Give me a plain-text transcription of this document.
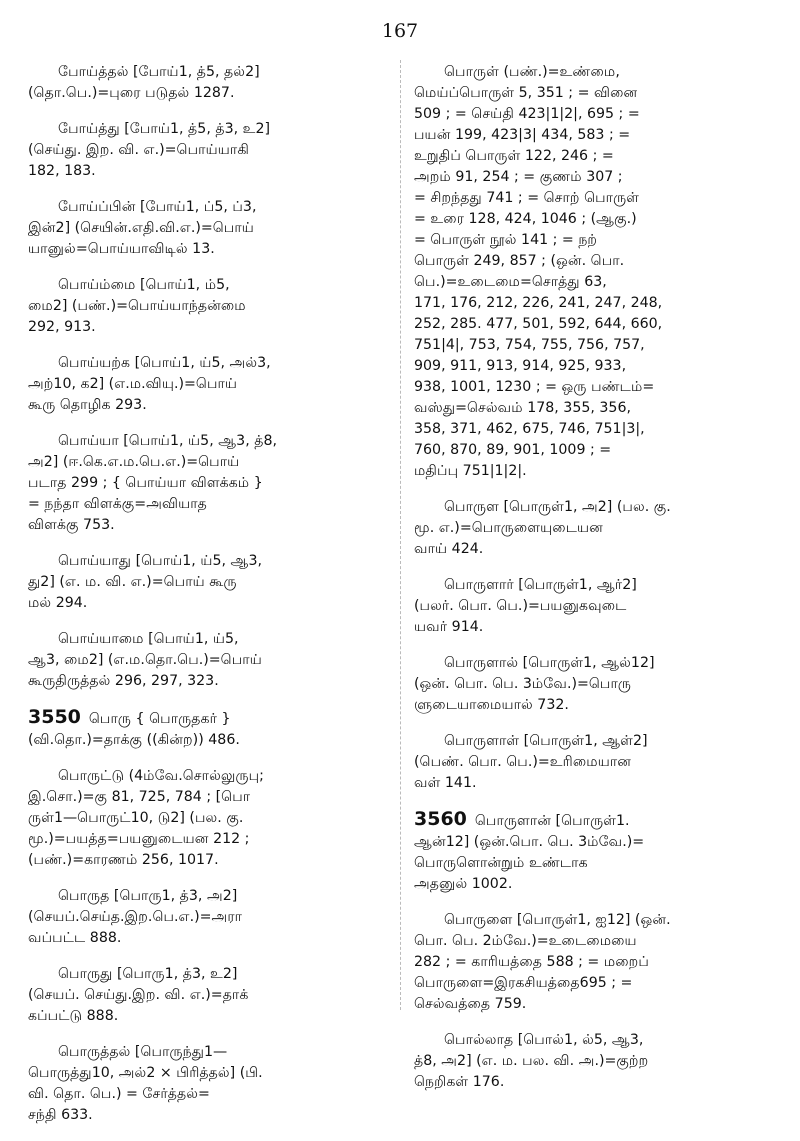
167
போய்த்தல் [போய்1, த்5, தல்2]
(தொ.பெ.)=புரை படுதல் 1287.
போய்த்து [போய்1, த்5, த்3, உ2]
(செய்து. இற. வி. எ.)=பொய்யாகி
182, 183.
போய்ப்பின் [போய்1, ப்5, ப்3,
இன்2] (செயின்.எதி.வி.எ.)=பொய்
யானுல்=பொய்யாவிடில் 13.
பொய்ம்மை [பொய்1, ம்5,
மை2] (பண்.)=பொய்யாந்தன்மை
292, 913.
பொய்யற்க [பொய்1, ய்5, அல்3,
அற்10, க2] (எ.ம.வியு.)=பொய்
கூரு தொழிக 293.
பொய்யா [பொய்1, ய்5, ஆ3, த்8,
அ2] (ஈ.கெ.எ.ம.பெ.எ.)=பொய்
படாத 299 ; { பொய்யா விளக்கம் }
= நந்தா விளக்கு=அவியாத
விளக்கு 753.
பொய்யாது [பொய்1, ய்5, ஆ3,
து2] (எ. ம. வி. எ.)=பொய் கூரு
மல் 294.
பொய்யாமை [பொய்1, ய்5,
ஆ3, மை2] (எ.ம.தொ.பெ.)=பொய்
கூருதிருத்தல் 296, 297, 323.
3550 பொரு { பொருதகர் }
(வி.தொ.)=தாக்கு ((கின்ற)) 486.
பொருட்டு (4ம்வே.சொல்லுருபு;
இ.சொ.)=கு 81, 725, 784 ; [பொ
ருள்1—பொருட்10, டு2] (பல. கு.
மூ.)=பயத்த=பயனுடையன 212 ;
(பண்.)=காரணம் 256, 1017.
பொருத [பொரு1, த்3, அ2]
(செயப்.செய்த.இற.பெ.எ.)=அரா
வப்பட்ட 888.
பொருது [பொரு1, த்3, உ2]
(செயப். செய்து.இற. வி. எ.)=தாக்
கப்பட்டு 888.
பொருத்தல் [பொருந்து1—
பொருத்து10, அல்2 × பிரித்தல்] (பி.
வி. தொ. பெ.) = சேர்த்தல்=
சந்தி 633.
பொருள் (பண்.)=உண்மை,
மெய்ப்பொருள் 5, 351 ; = வினை
509 ; = செய்தி 423|1|2|, 695 ; =
பயன் 199, 423|3| 434, 583 ; =
உறுதிப் பொருள் 122, 246 ; =
அறம் 91, 254 ; = குணம் 307 ;
= சிறந்தது 741 ; = சொற் பொருள்
= உரை 128, 424, 1046 ; (ஆகு.)
= பொருள் நூல் 141 ; = நற்
பொருள் 249, 857 ; (ஒன். பொ.
பெ.)=உடைமை=சொத்து 63,
171, 176, 212, 226, 241, 247, 248,
252, 285. 477, 501, 592, 644, 660,
751|4|, 753, 754, 755, 756, 757,
909, 911, 913, 914, 925, 933,
938, 1001, 1230 ; = ஒரு பண்டம்=
வஸ்து=செல்வம் 178, 355, 356,
358, 371, 462, 675, 746, 751|3|,
760, 870, 89, 901, 1009 ; =
மதிப்பு 751|1|2|.
பொருள [பொருள்1, அ2] (பல. கு.
மூ. எ.)=பொருளையுடையன
வாய் 424.
பொருளார் [பொருள்1, ஆர்2]
(பலர். பொ. பெ.)=பயனுகவுடை
யவர் 914.
பொருளால் [பொருள்1, ஆல்12]
(ஒன். பொ. பெ. 3ம்வே.)=பொரு
ளுடையாமையால் 732.
பொருளாள் [பொருள்1, ஆள்2]
(பெண். பொ. பெ.)=உரிமையான
வள் 141.
3560 பொருளான் [பொருள்1.
ஆன்12] (ஒன்.பொ. பெ. 3ம்வே.)=
பொருளொன்றும் உண்டாக
அதனுல் 1002.
பொருளை [பொருள்1, ஐ12] (ஒன்.
பொ. பெ. 2ம்வே.)=உடைமையை
282 ; = காரியத்தை 588 ; = மறைப்
பொருளை=இரகசியத்தை695 ; =
செல்வத்தை 759.
பொல்லாத [பொல்1, ல்5, ஆ3,
த்8, அ2] (எ. ம. பல. வி. அ.)=குற்ற
நெறிகள் 176.
